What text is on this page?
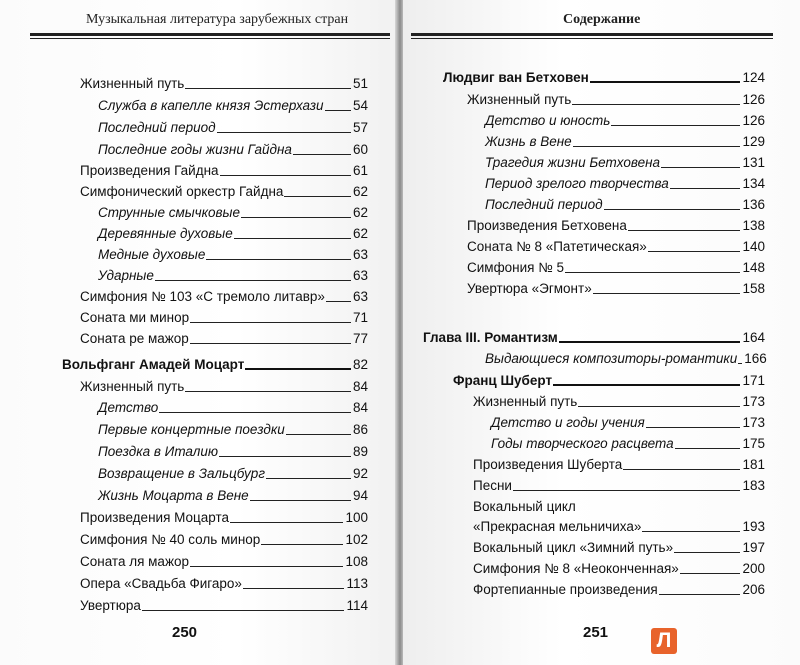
Музыкальная литература зарубежных стран
Жизненный путь	51
Служба в капелле князя Эстерхази 54
Последний период	57
Последние годы жизни Гайдна	60
Произведения Гайдна	61
Симфонический оркестр Гайдна	62
Струнные смычковые	62
Деревянные духовые	62
Медные духовые	63
Ударные	63
Симфония № 103 «С тремоло литавр» 63
Соната ми минор	71
Соната ре мажор	77
Вольфганг Амадей Моцарт	82
Жизненный путь	84
Детство	84
Первые концертные поездки	86
Поездка в Италию	89
Возвращение в Зальцбург	92
Жизнь Моцарта в Вене	94
Произведения Моцарта	100
Симфония № 40 соль минор	102
Соната ля мажор	108
Опера «Свадьба Фигаро»	113
Увертюра	114
250
Содержание
Людвиг ван Бетховен	124
Жизненный путь	126
Детство и юность	126
Жизнь в Вене	129
Трагедия жизни Бетховена	131
Период зрелого творчества	134
Последний период	136
Произведения Бетховена	138
Соната № 8 «Патетическая»	140
Симфония № 5	148
Увертюра «Эгмонт»	158
Глава III. Романтизм	164
Выдающиеся композиторы-романтики 166
Франц Шуберт	171
Жизненный путь	173
Детство и годы учения	173
Годы творческого расцвета	175
Произведения Шуберта	181
Песни	183
Вокальный цикл
«Прекрасная мельничиха»	193
Вокальный цикл «Зимний путь»	197
Симфония № 8 «Неоконченная»	200
Фортепианные произведения	206
251 Л
